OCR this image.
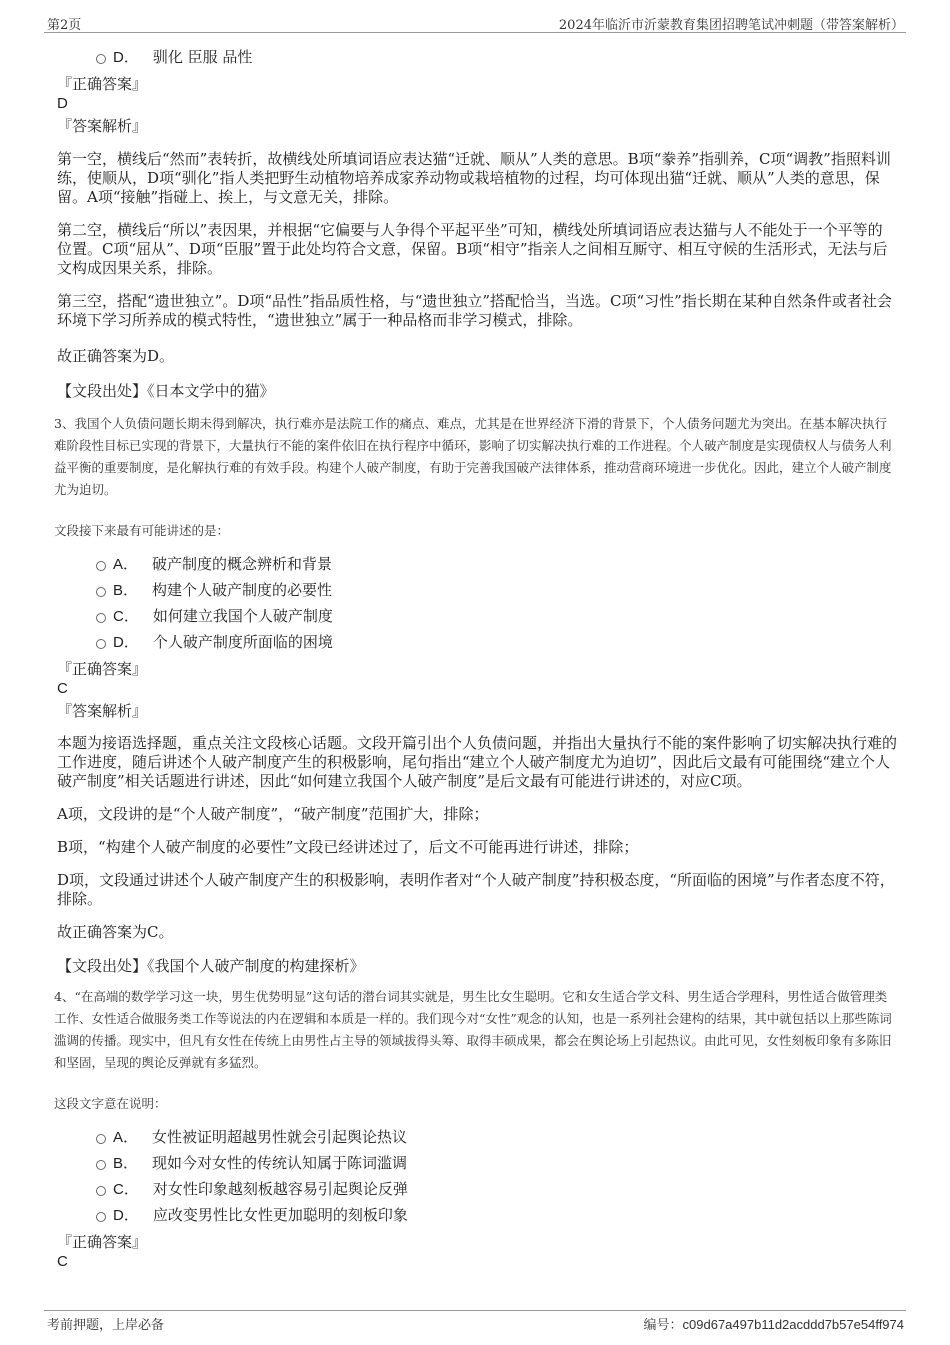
第2页	2024年临沂市沂蒙教育集团招聘笔试冲刺题（带答案解析）
D． 驯化 臣服 品性
『正确答案』
D
『答案解析』

第一空，横线后“然而”表转折，故横线处所填词语应表达猫“迁就、顺从”人类的意思。B项“豢养”指驯养，C项“调教”指照料训练，使顺从，D项“驯化”指人类把野生动植物培养成家养动物或栽培植物的过程，均可体现出猫“迁就、顺从”人类的意思，保留。A项“接触”指碰上、挨上，与文意无关，排除。

第二空，横线后“所以”表因果，并根据“它偏要与人争得个平起平坐”可知，横线处所填词语应表达猫与人不能处于一个平等的位置。C项“屈从”、D项“臣服”置于此处均符合文意，保留。B项“相守”指亲人之间相互厮守、相互守候的生活形式，无法与后文构成因果关系，排除。

第三空，搭配“遗世独立”。D项“品性”指品质性格，与“遗世独立”搭配恰当，当选。C项“习性”指长期在某种自然条件或者社会环境下学习所养成的模式特性，“遗世独立”属于一种品格而非学习模式，排除。

故正确答案为D。

【文段出处】《日本文学中的猫》

3、我国个人负债问题长期未得到解决，执行难亦是法院工作的痛点、难点，尤其是在世界经济下滑的背景下，个人债务问题尤为突出。在基本解决执行难阶段性目标已实现的背景下，大量执行不能的案件依旧在执行程序中循环，影响了切实解决执行难的工作进程。个人破产制度是实现债权人与债务人利益平衡的重要制度，是化解执行难的有效手段。构建个人破产制度，有助于完善我国破产法律体系，推动营商环境进一步优化。因此，建立个人破产制度尤为迫切。

文段接下来最有可能讲述的是：

A． 破产制度的概念辨析和背景
B． 构建个人破产制度的必要性
C． 如何建立我国个人破产制度
D． 个人破产制度所面临的困境
『正确答案』
C
『答案解析』

本题为接语选择题，重点关注文段核心话题。文段开篇引出个人负债问题，并指出大量执行不能的案件影响了切实解决执行难的工作进度，随后讲述个人破产制度产生的积极影响，尾句指出“建立个人破产制度尤为迫切”，因此后文最有可能围绕“建立个人破产制度”相关话题进行讲述，因此“如何建立我国个人破产制度”是后文最有可能进行讲述的，对应C项。

A项，文段讲的是“个人破产制度”，“破产制度”范围扩大，排除；

B项，“构建个人破产制度的必要性”文段已经讲述过了，后文不可能再进行讲述，排除；

D项，文段通过讲述个人破产制度产生的积极影响，表明作者对“个人破产制度”持积极态度，“所面临的困境”与作者态度不符，排除。

故正确答案为C。

【文段出处】《我国个人破产制度的构建探析》

4、“在高端的数学学习这一块，男生优势明显”这句话的潜台词其实就是，男生比女生聪明。它和女生适合学文科、男生适合学理科，男性适合做管理类工作、女性适合做服务类工作等说法的内在逻辑和本质是一样的。我们现今对“女性”观念的认知，也是一系列社会建构的结果，其中就包括以上那些陈词滥调的传播。现实中，但凡有女性在传统上由男性占主导的领域拔得头筹、取得丰硕成果，都会在舆论场上引起热议。由此可见，女性刻板印象有多陈旧和坚固，呈现的舆论反弹就有多猛烈。

这段文字意在说明：

A． 女性被证明超越男性就会引起舆论热议
B． 现如今对女性的传统认知属于陈词滥调
C． 对女性印象越刻板越容易引起舆论反弹
D． 应改变男性比女性更加聪明的刻板印象
『正确答案』
C
考前押题，上岸必备	编号：c09d67a497b11d2acddd7b57e54ff974
